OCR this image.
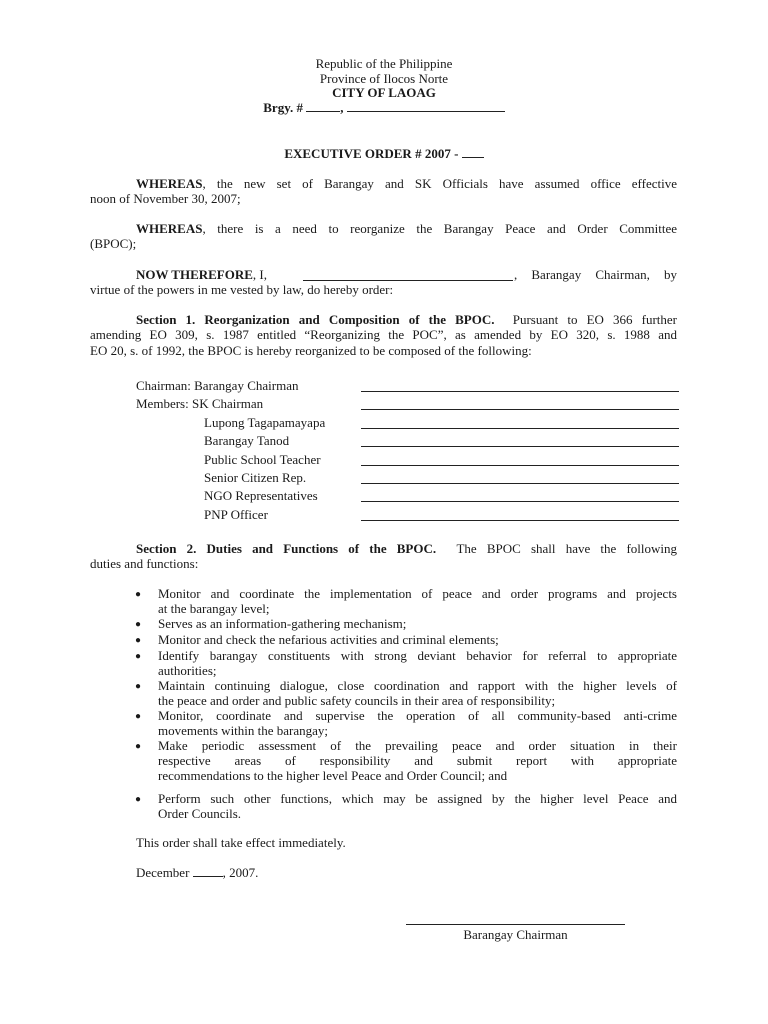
Republic of the Philippine
Province of Ilocos Norte
CITY OF LAOAG
Brgy. #	,
EXECUTIVE ORDER # 2007 -
WHEREAS, the new set of Barangay and SK Officials have assumed office effective
noon of November 30, 2007;
WHEREAS, there is a need to reorganize the Barangay Peace and Order Committee
(BPOC);
NOW THEREFORE, I,	, Barangay Chairman, by
virtue of the powers in me vested by law, do hereby order:
Section 1. Reorganization and Composition of the BPOC. Pursuant to EO 366 further
amending EO 309, s. 1987 entitled “Reorganizing the POC”, as amended by EO 320, s. 1988 and
EO 20, s. of 1992, the BPOC is hereby reorganized to be composed of the following:
Chairman: Barangay Chairman
Members: SK Chairman
Lupong Tagapamayapa
Barangay Tanod
Public School Teacher
Senior Citizen Rep.
NGO Representatives
PNP Officer
Section 2. Duties and Functions of the BPOC. The BPOC shall have the following
duties and functions:
● Monitor and coordinate the implementation of peace and order programs and projects
at the barangay level;
● Serves as an information-gathering mechanism;
● Monitor and check the nefarious activities and criminal elements;
● Identify barangay constituents with strong deviant behavior for referral to appropriate
authorities;
● Maintain continuing dialogue, close coordination and rapport with the higher levels of
the peace and order and public safety councils in their area of responsibility;
● Monitor, coordinate and supervise the operation of all community-based anti-crime
movements within the barangay;
● Make periodic assessment of the prevailing peace and order situation in their
respective areas of responsibility and submit report with appropriate
recommendations to the higher level Peace and Order Council; and
● Perform such other functions, which may be assigned by the higher level Peace and
Order Councils.
This order shall take effect immediately.
December	, 2007.
Barangay Chairman
